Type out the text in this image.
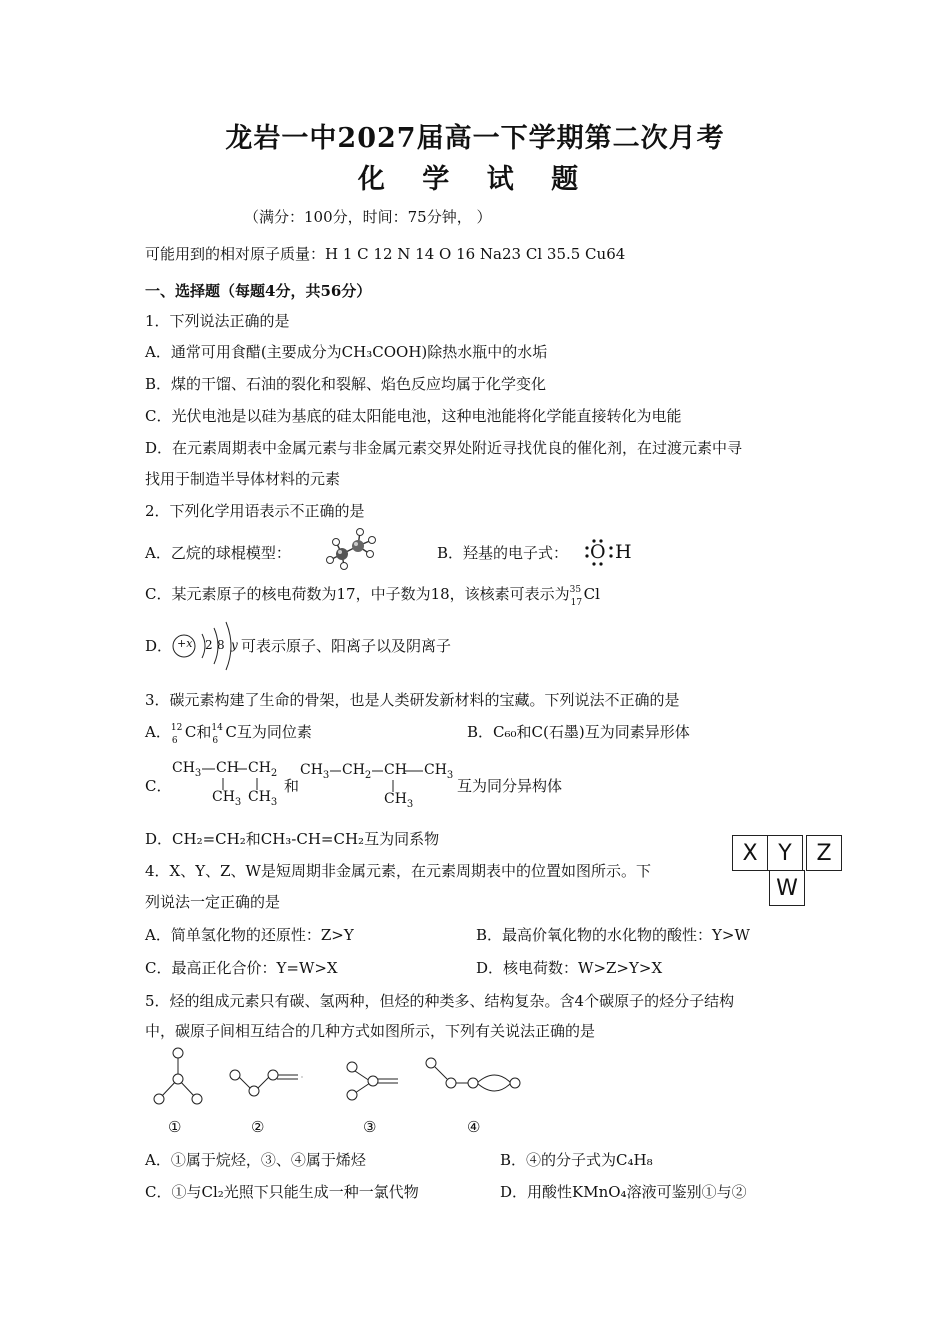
龙岩一中2027届高一下学期第二次月考
化 学 试 题
（满分：100分，时间：75分钟， ）
可能用到的相对原子质量：H 1 C 12 N 14 O 16 Na23 Cl 35.5 Cu64
一、选择题（每题4分，共56分）
1．下列说法正确的是
A．通常可用食醋(主要成分为CH₃COOH)除热水瓶中的水垢
B．煤的干馏、石油的裂化和裂解、焰色反应均属于化学变化
C．光伏电池是以硅为基底的硅太阳能电池，这种电池能将化学能直接转化为电能
D．在元素周期表中金属元素与非金属元素交界处附近寻找优良的催化剂，在过渡元素中寻
找用于制造半导体材料的元素
2．下列化学用语表示不正确的是
A．乙烷的球棍模型：	B．羟基的电子式： O H
C．某元素原子的核电荷数为17，中子数为18，该核素可表示为 35
17 Cl
D． +x 2 8 y 可表示原子、阳离子以及阴离子
3．碳元素构建了生命的骨架，也是人类研发新材料的宝藏。下列说法不正确的是
A． 12
6 C和 14
6 C互为同位素	B．C₆₀和C(石墨)互为同素异形体
C．
$CH_3$ CH $CH_2$
$CH_3$ $CH_3$
和
$CH_3$ $CH_2$ CH $CH_3$
$CH_3$
互为同分异构体
D．CH₂=CH₂和CH₃-CH=CH₂互为同系物
X Y	Z
W
4．X、Y、Z、W是短周期非金属元素，在元素周期表中的位置如图所示。下
列说法一定正确的是
A．简单氢化物的还原性：Z>Y	B．最高价氧化物的水化物的酸性：Y>W
C．最高正化合价：Y=W>X	D．核电荷数：W>Z>Y>X
5．烃的组成元素只有碳、氢两种，但烃的种类多、结构复杂。含4个碳原子的烃分子结构
中，碳原子间相互结合的几种方式如图所示，下列有关说法正确的是
①	②	③	④
A．①属于烷烃，③、④属于烯烃	B．④的分子式为C₄H₈
C．①与Cl₂光照下只能生成一种一氯代物	D．用酸性KMnO₄溶液可鉴别①与②
